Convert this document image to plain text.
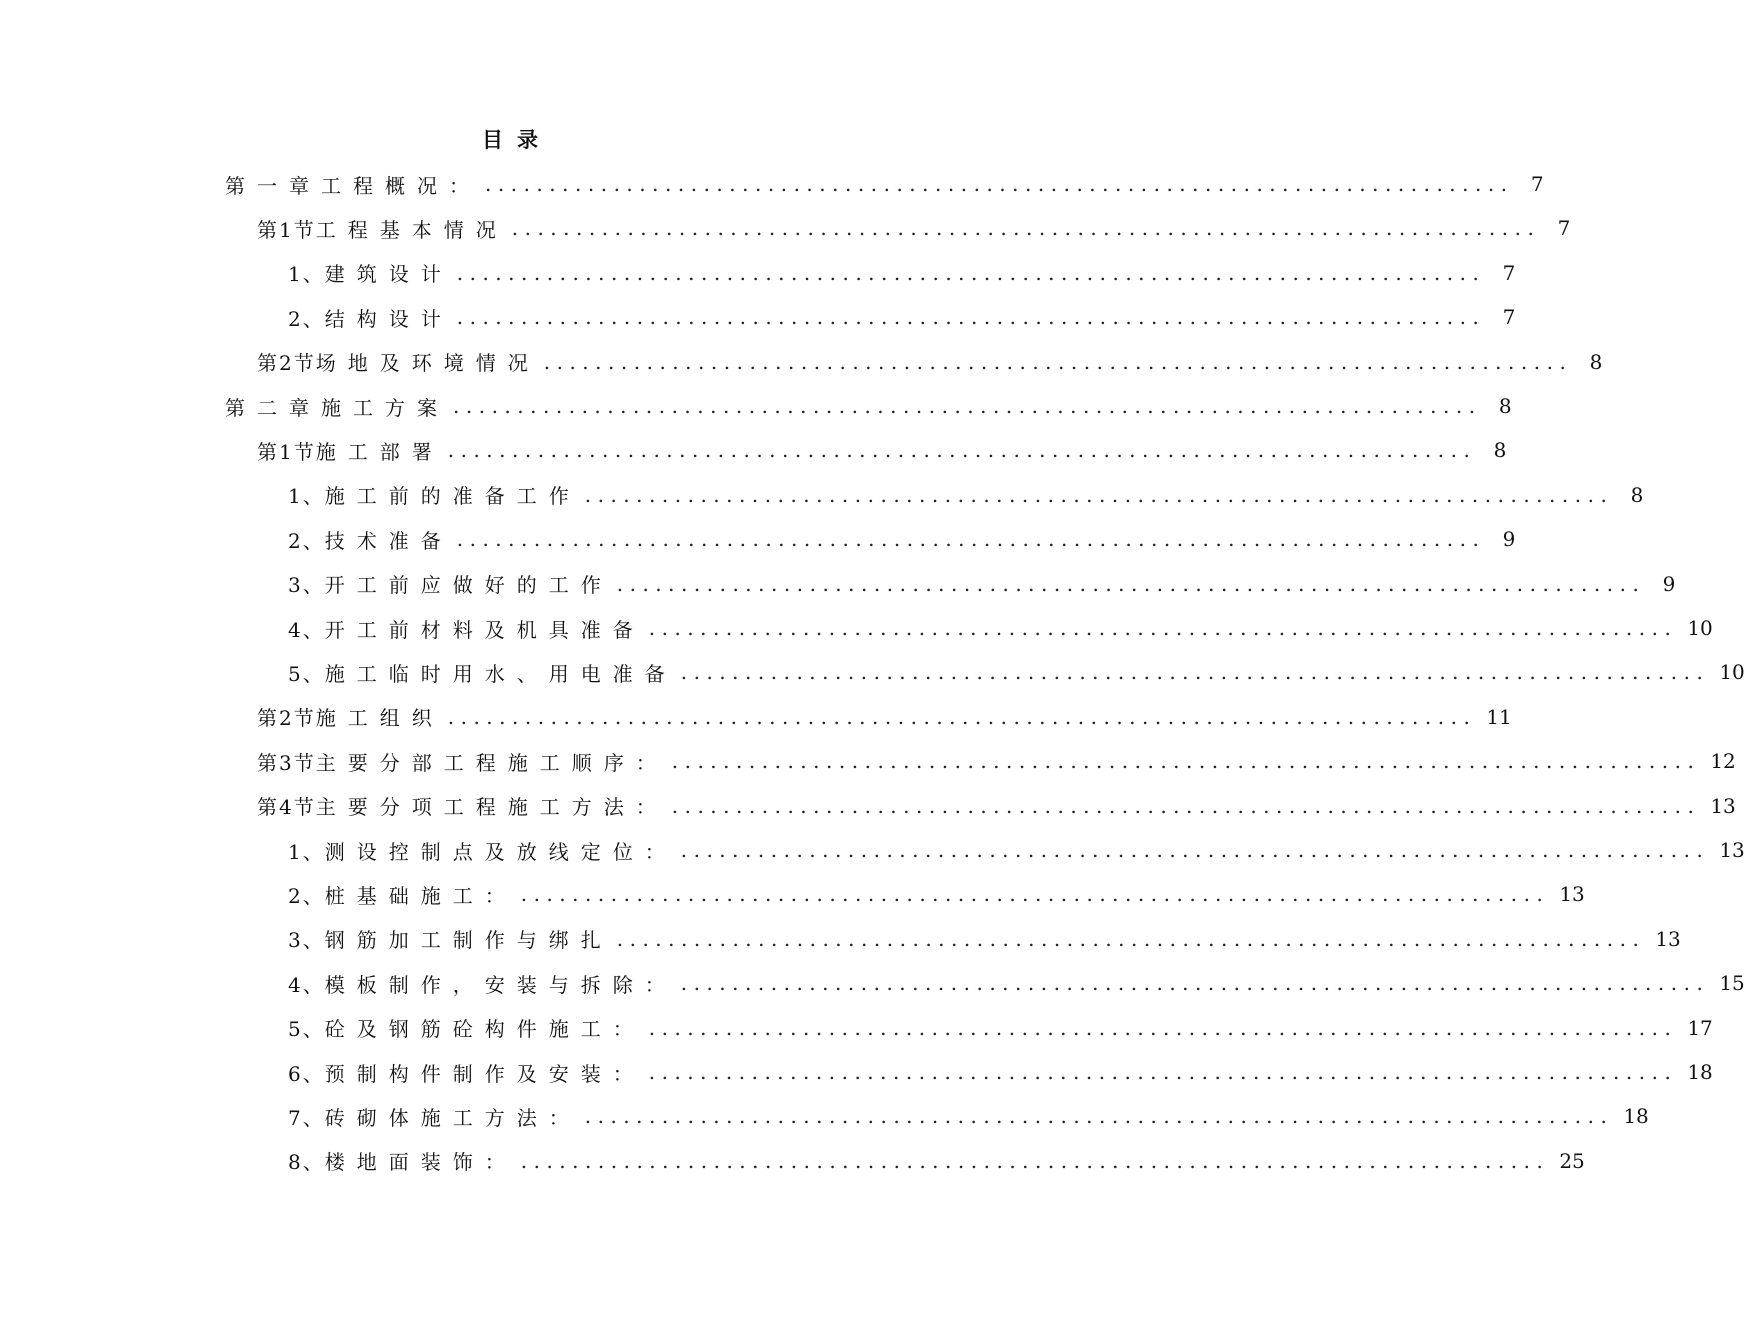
目录
第一章 工程概况： ................................................................................ 7
第1节 工程基本情况 ................................................................................ 7
1、 建筑设计 ................................................................................ 7
2、 结构设计 ................................................................................ 7
第2节 场地及环境情况 ................................................................................ 8
第二章 施工方案 ................................................................................ 8
第1节 施工部署 ................................................................................ 8
1、 施工前的准备工作 ................................................................................ 8
2、 技术准备 ................................................................................ 9
3、 开工前应做好的工作 ................................................................................ 9
4、 开工前材料及机具准备 ................................................................................ 10
5、 施工临时用水、用电准备 ................................................................................ 10
第2节 施工组织 ................................................................................ 11
第3节 主要分部工程施工顺序： ................................................................................ 12
第4节 主要分项工程施工方法： ................................................................................ 13
1、 测设控制点及放线定位： ................................................................................ 13
2、 桩基础施工： ................................................................................ 13
3、 钢筋加工制作与绑扎 ................................................................................ 13
4、 模板制作，安装与拆除： ................................................................................ 15
5、 砼及钢筋砼构件施工： ................................................................................ 17
6、 预制构件制作及安装： ................................................................................ 18
7、 砖砌体施工方法： ................................................................................ 18
8、 楼地面装饰： ................................................................................ 25
